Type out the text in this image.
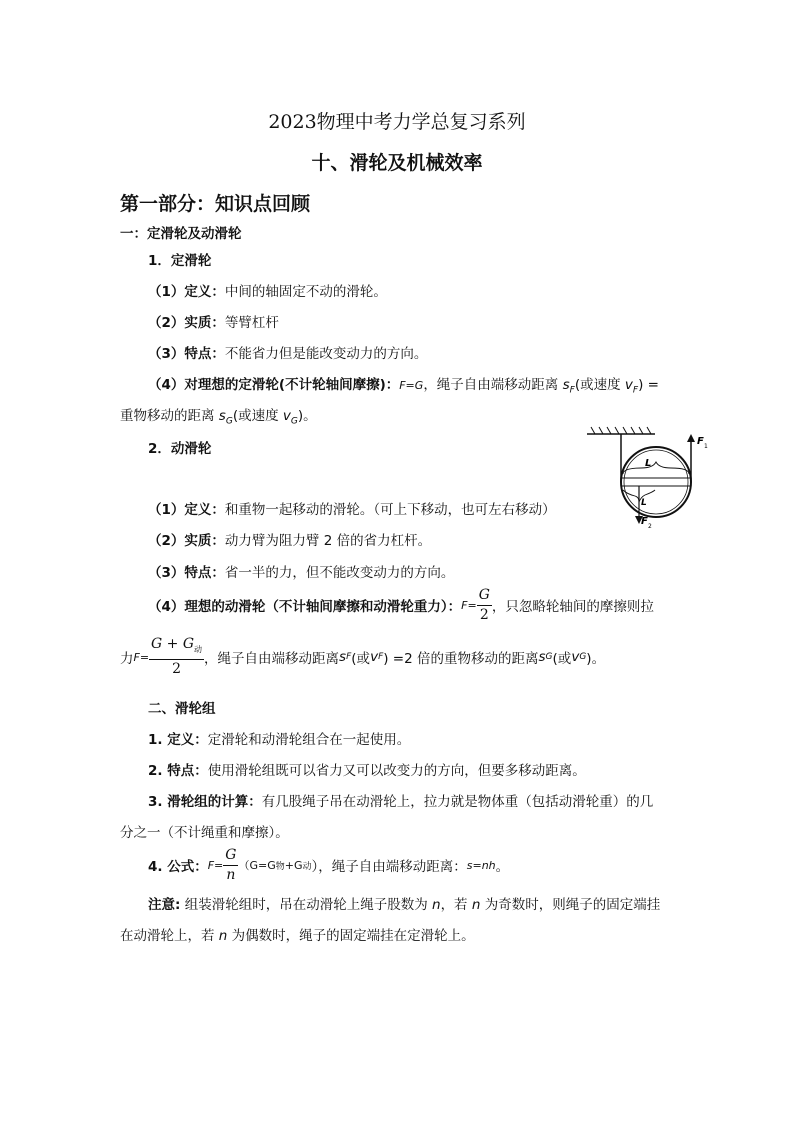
2023物理中考力学总复习系列
十、滑轮及机械效率
第一部分：知识点回顾
一：定滑轮及动滑轮
1．定滑轮
（1）定义：中间的轴固定不动的滑轮。
（2）实质：等臂杠杆
（3）特点：不能省力但是能改变动力的方向。
（4）对理想的定滑轮(不计轮轴间摩擦)：F=G，绳子自由端移动距离 $s_F$(或速度 $v_F$) =
重物移动的距离 $s_G$(或速度 $v_G$)。
2．动滑轮	F 1
L
L
F 2
（1）定义：和重物一起移动的滑轮。（可上下移动，也可左右移动）
（2）实质：动力臂为阻力臂 2 倍的省力杠杆。
（3）特点：省一半的力，但不能改变动力的方向。
（4）理想的动滑轮（不计轴间摩擦和动滑轮重力）： $F= \frac{G}{2}$ ，只忽略轮轴间的摩擦则拉
力 $F= \frac{G + G_动}{2}$ ，绳子自由端移动距离 s F (或 v F ) =2 倍的重物移动的距离 s G (或 v G )。
二、滑轮组
1. 定义：定滑轮和动滑轮组合在一起使用。
2. 特点：使用滑轮组既可以省力又可以改变力的方向，但要多移动距离。
3. 滑轮组的计算：有几股绳子吊在动滑轮上，拉力就是物体重（包括动滑轮重）的几
分之一（不计绳重和摩擦）。
4. 公式： $F= \frac{G}{n} (G=G$ 物 +G 动 ），绳子自由端移动距离： s=nh 。
注意: 组装滑轮组时，吊在动滑轮上绳子股数为 n，若 n 为奇数时，则绳子的固定端挂
在动滑轮上，若 n 为偶数时，绳子的固定端挂在定滑轮上。
